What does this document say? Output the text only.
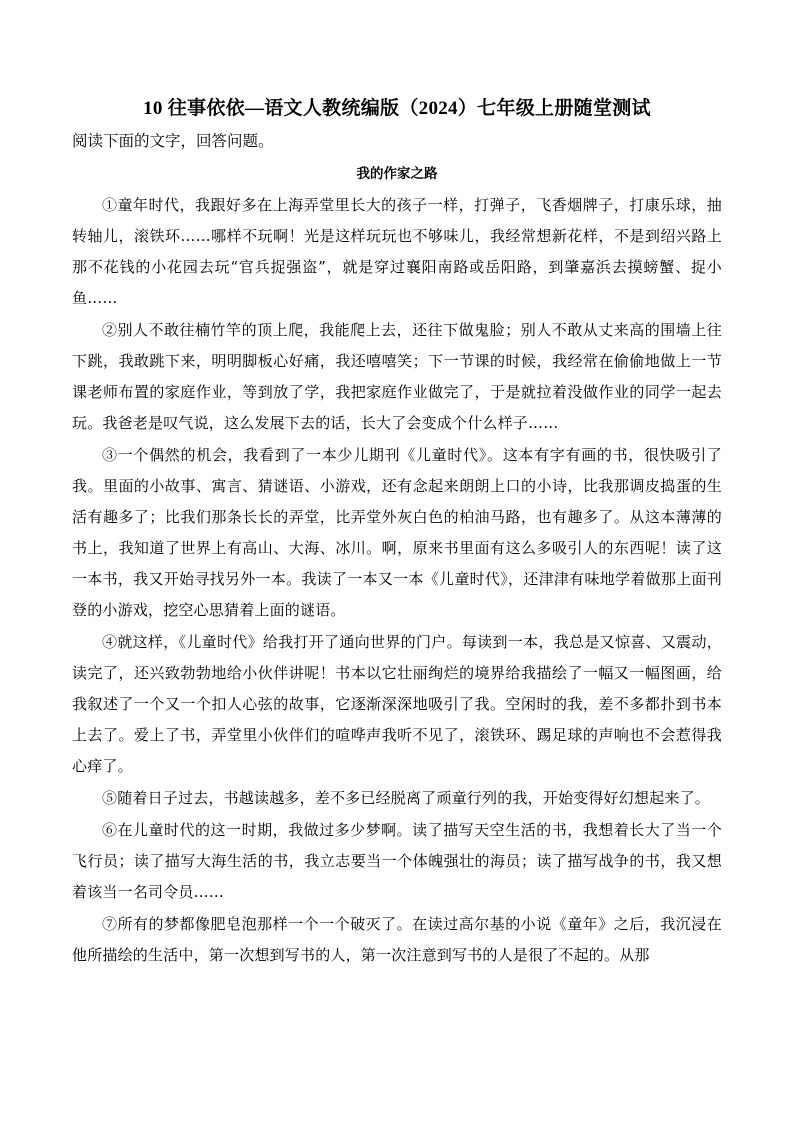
10 往事依依—语文人教统编版（2024）七年级上册随堂测试
阅读下面的文字，回答问题。
我的作家之路

①童年时代，我跟好多在上海弄堂里长大的孩子一样，打弹子，飞香烟牌子，打康乐球，抽转轴儿，滚铁环……哪样不玩啊！光是这样玩玩也不够味儿，我经常想新花样，不是到绍兴路上那不花钱的小花园去玩“官兵捉强盗”，就是穿过襄阳南路或岳阳路，到肇嘉浜去摸螃蟹、捉小鱼……

②别人不敢往楠竹竿的顶上爬，我能爬上去，还往下做鬼脸；别人不敢从丈来高的围墙上往下跳，我敢跳下来，明明脚板心好痛，我还嘻嘻笑；下一节课的时候，我经常在偷偷地做上一节课老师布置的家庭作业，等到放了学，我把家庭作业做完了，于是就拉着没做作业的同学一起去玩。我爸老是叹气说，这么发展下去的话，长大了会变成个什么样子……

③一个偶然的机会，我看到了一本少儿期刊《儿童时代》。这本有字有画的书，很快吸引了我。里面的小故事、寓言、猜谜语、小游戏，还有念起来朗朗上口的小诗，比我那调皮捣蛋的生活有趣多了；比我们那条长长的弄堂，比弄堂外灰白色的柏油马路，也有趣多了。从这本薄薄的书上，我知道了世界上有高山、大海、冰川。啊，原来书里面有这么多吸引人的东西呢！读了这一本书，我又开始寻找另外一本。我读了一本又一本《儿童时代》，还津津有味地学着做那上面刊登的小游戏，挖空心思猜着上面的谜语。

④就这样，《儿童时代》给我打开了通向世界的门户。每读到一本，我总是又惊喜、又震动，读完了，还兴致勃勃地给小伙伴讲呢！书本以它壮丽绚烂的境界给我描绘了一幅又一幅图画，给我叙述了一个又一个扣人心弦的故事，它逐渐深深地吸引了我。空闲时的我，差不多都扑到书本上去了。爱上了书，弄堂里小伙伴们的喧哗声我听不见了，滚铁环、踢足球的声响也不会惹得我心痒了。

⑤随着日子过去，书越读越多，差不多已经脱离了顽童行列的我，开始变得好幻想起来了。

⑥在儿童时代的这一时期，我做过多少梦啊。读了描写天空生活的书，我想着长大了当一个飞行员；读了描写大海生活的书，我立志要当一个体魄强壮的海员；读了描写战争的书，我又想着该当一名司令员……

⑦所有的梦都像肥皂泡那样一个一个破灭了。在读过高尔基的小说《童年》之后，我沉浸在他所描绘的生活中，第一次想到写书的人，第一次注意到写书的人是很了不起的。从那
